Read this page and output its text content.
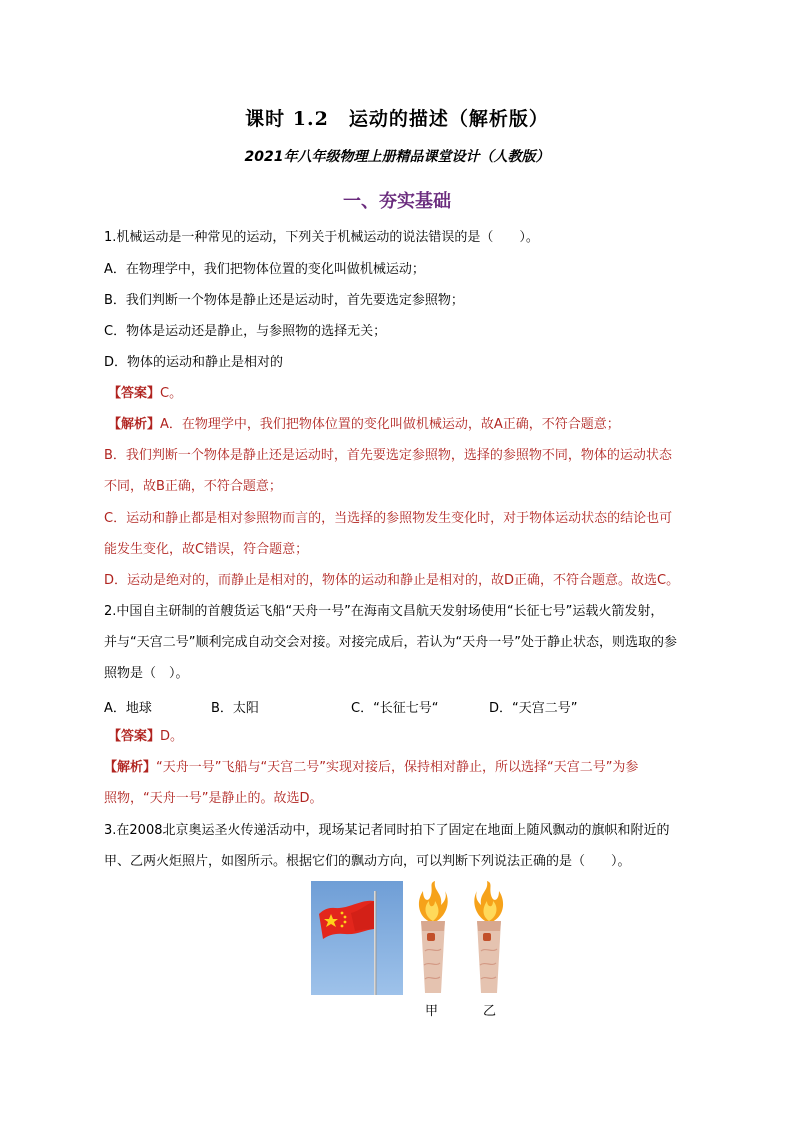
课时 1.2　运动的描述（解析版）
2021年八年级物理上册精品课堂设计（人教版）
一、夯实基础
1.机械运动是一种常见的运动，下列关于机械运动的说法错误的是（　　）。
A．在物理学中，我们把物体位置的变化叫做机械运动；
B．我们判断一个物体是静止还是运动时，首先要选定参照物；
C．物体是运动还是静止，与参照物的选择无关；
D．物体的运动和静止是相对的
【答案】C。
【解析】A．在物理学中，我们把物体位置的变化叫做机械运动，故A正确，不符合题意；
B．我们判断一个物体是静止还是运动时，首先要选定参照物，选择的参照物不同，物体的运动状态
不同，故B正确，不符合题意；
C．运动和静止都是相对参照物而言的，当选择的参照物发生变化时，对于物体运动状态的结论也可
能发生变化，故C错误，符合题意；
D．运动是绝对的，而静止是相对的，物体的运动和静止是相对的，故D正确，不符合题意。故选C。
2.中国自主研制的首艘货运飞船“天舟一号”在海南文昌航天发射场使用“长征七号”运载火箭发射，
并与“天宫二号”顺利完成自动交会对接。对接完成后，若认为“天舟一号”处于静止状态，则选取的参
照物是（　）。
A．地球	B．太阳	C．“长征七号“	D．“天宫二号”
【答案】D。
【解析】“天舟一号”飞船与“天宫二号”实现对接后，保持相对静止，所以选择“天宫二号”为参
照物，“天舟一号”是静止的。故选D。
3.在2008北京奥运圣火传递活动中，现场某记者同时拍下了固定在地面上随风飘动的旗帜和附近的
甲、乙两火炬照片，如图所示。根据它们的飘动方向，可以判断下列说法正确的是（　　）。
甲	乙
